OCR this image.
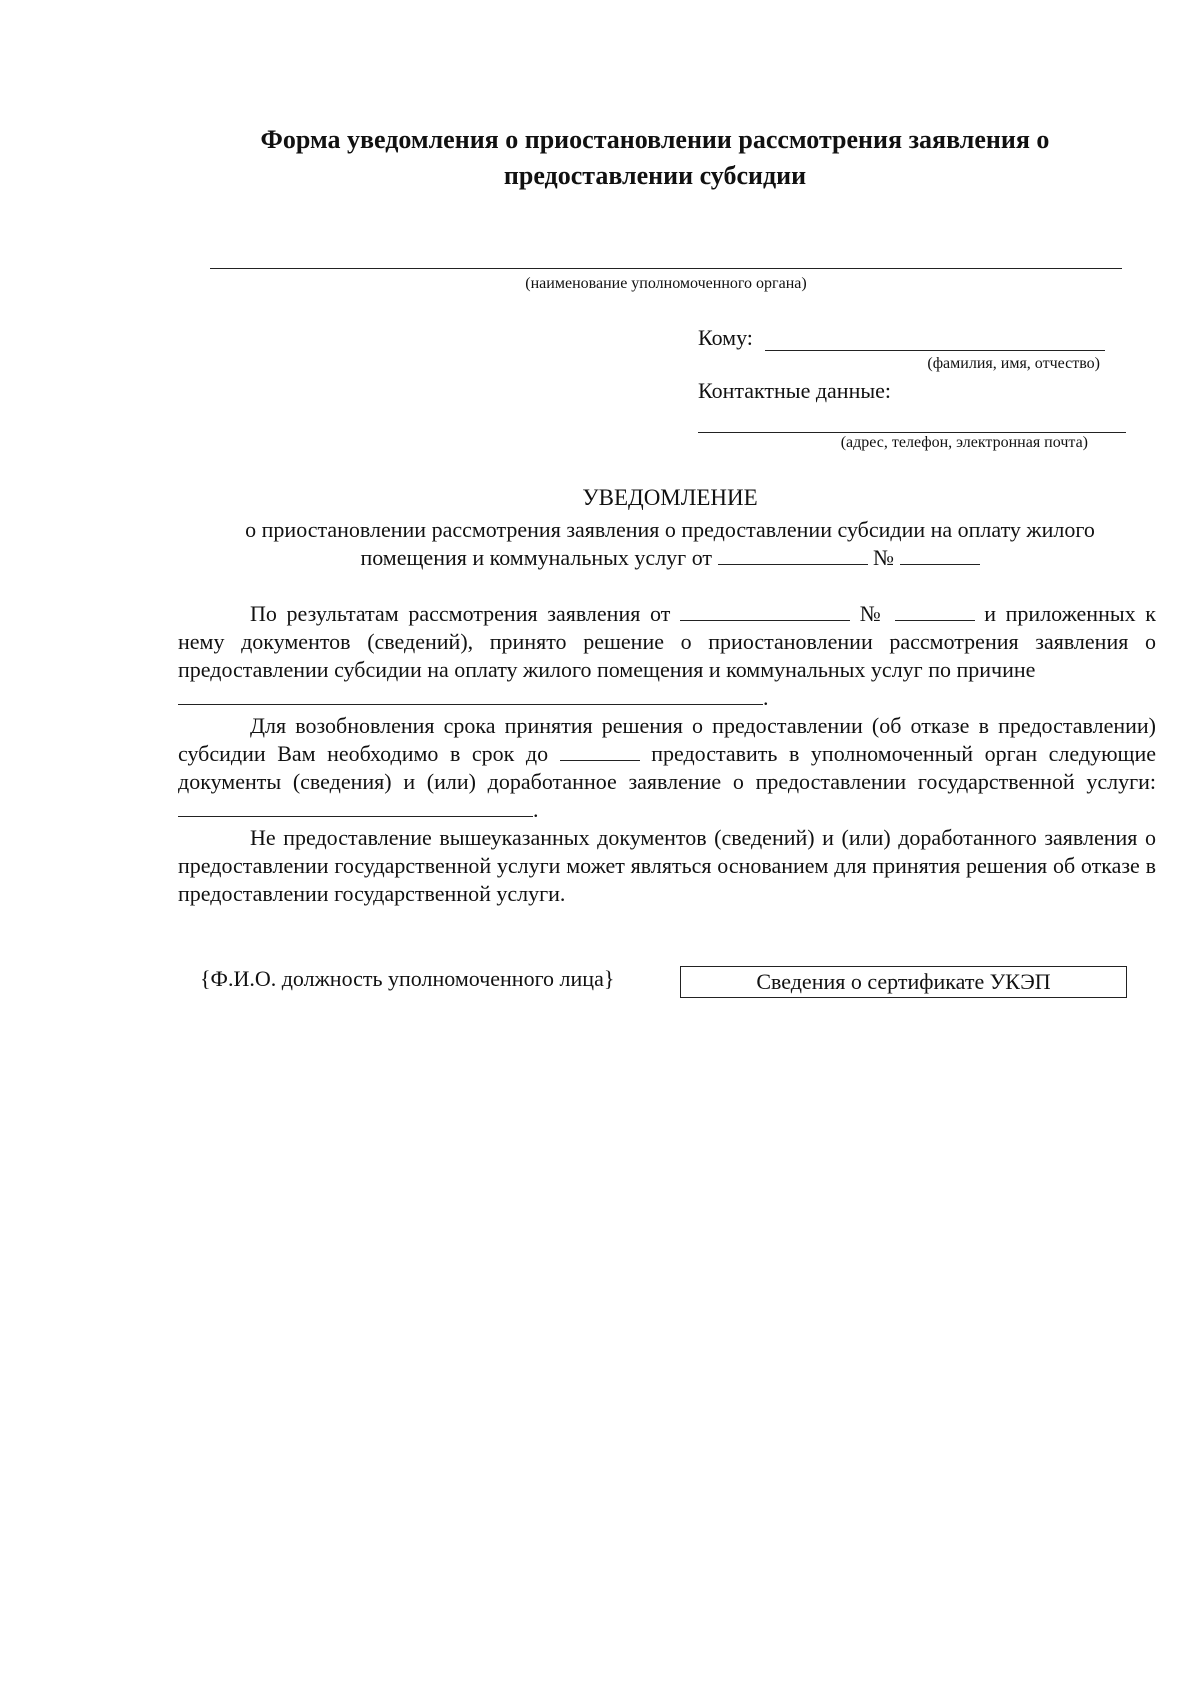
Форма уведомления о приостановлении рассмотрения заявления о предоставлении субсидии
(наименование уполномоченного органа)
Кому:
(фамилия, имя, отчество)
Контактные данные:
(адрес, телефон, электронная почта)
УВЕДОМЛЕНИЕ
о приостановлении рассмотрения заявления о предоставлении субсидии на оплату жилого
помещения и коммунальных услуг от	№

По результатам рассмотрения заявления от	№	и приложенных к нему документов (сведений), принято решение о приостановлении рассмотрения заявления о предоставлении субсидии на оплату жилого помещения и коммунальных услуг по причине
.

Для возобновления срока принятия решения о предоставлении (об отказе в предоставлении) субсидии Вам необходимо в срок до	предоставить в уполномоченный орган следующие документы (сведения) и (или) доработанное заявление о предоставлении государственной услуги: .

Не предоставление вышеуказанных документов (сведений) и (или) доработанного заявления о предоставлении государственной услуги может являться основанием для принятия решения об отказе в предоставлении государственной услуги.

{Ф.И.О. должность уполномоченного лица}	Сведения о сертификате УКЭП
